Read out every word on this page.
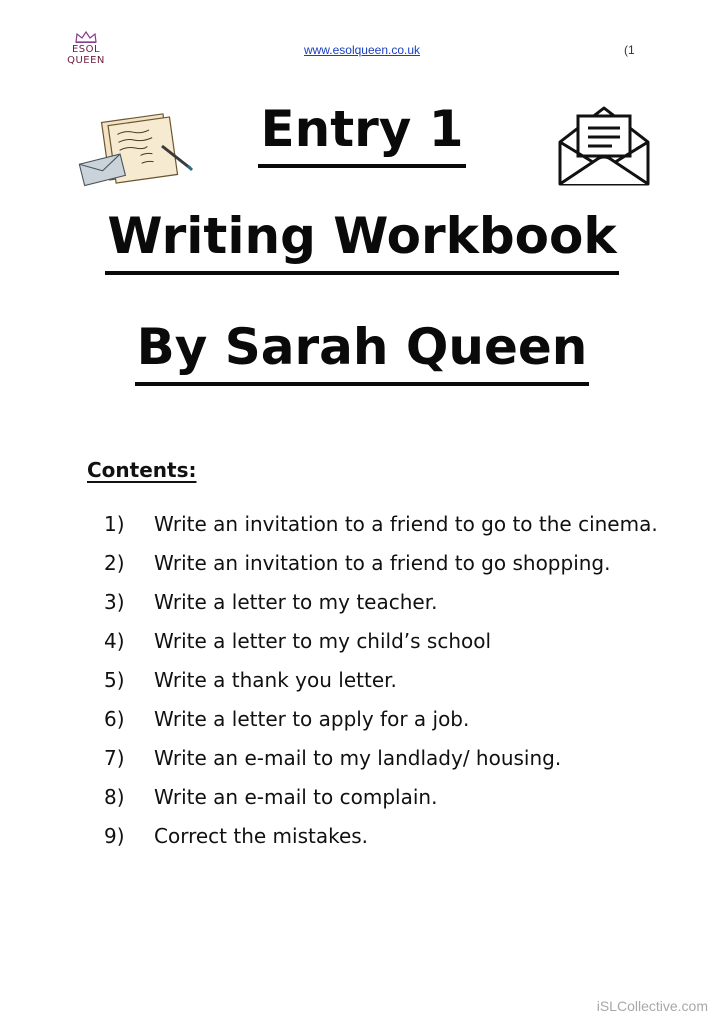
ESOL
QUEEN
www.esolqueen.co.uk	(1
Entry 1
Writing Workbook
By Sarah Queen
Contents:
1)	Write an invitation to a friend to go to the cinema.
2)	Write an invitation to a friend to go shopping.
3)	Write a letter to my teacher.
4)	Write a letter to my child’s school
5)	Write a thank you letter.
6)	Write a letter to apply for a job.
7)	Write an e-mail to my landlady/ housing.
8)	Write an e-mail to complain.
9)	Correct the mistakes.
iSLCollective.com
